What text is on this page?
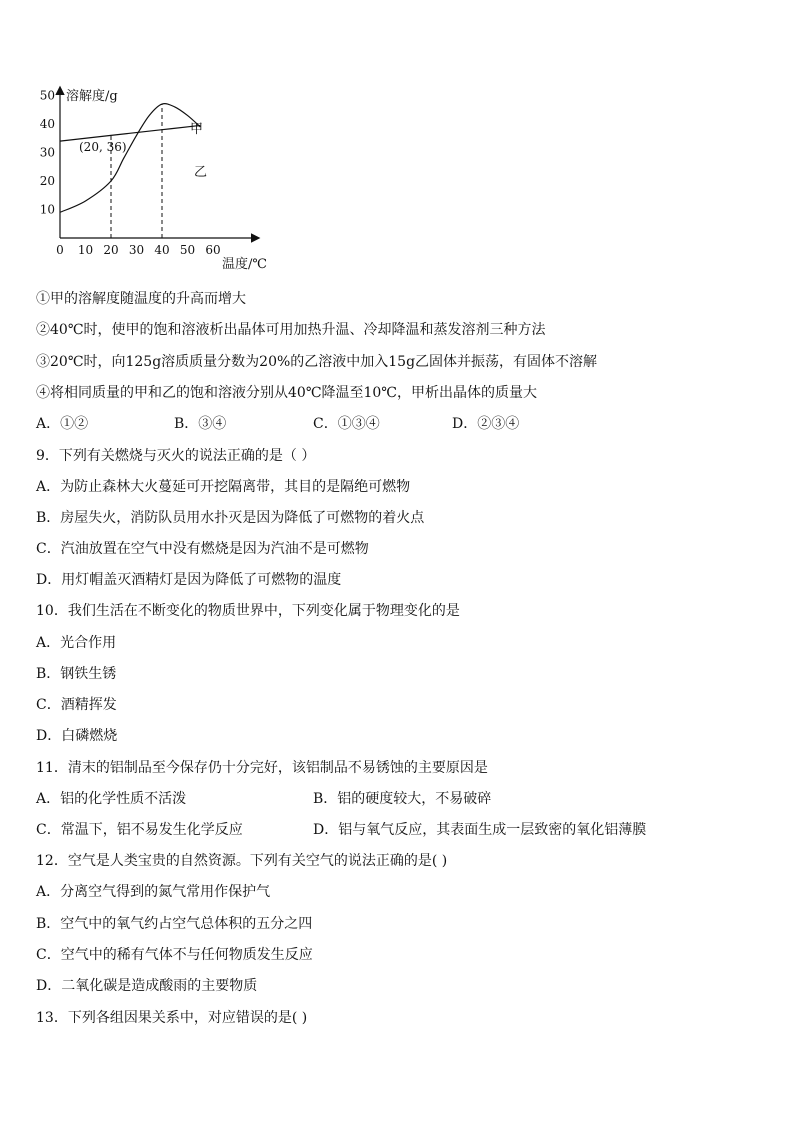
溶解度/g
温度/℃
0 10 20 30 40 50 60
10
20
30
40
50
(20, 36)
甲
乙
①甲的溶解度随温度的升高而增大
②40℃时，使甲的饱和溶液析出晶体可用加热升温、冷却降温和蒸发溶剂三种方法
③20℃时，向125g溶质质量分数为20%的乙溶液中加入15g乙固体并振荡，有固体不溶解
④将相同质量的甲和乙的饱和溶液分别从40℃降温至10℃，甲析出晶体的质量大
A．①②	B．③④	C．①③④	D．②③④
9．下列有关燃烧与灭火的说法正确的是（ ）
A．为防止森林大火蔓延可开挖隔离带，其目的是隔绝可燃物
B．房屋失火，消防队员用水扑灭是因为降低了可燃物的着火点
C．汽油放置在空气中没有燃烧是因为汽油不是可燃物
D．用灯帽盖灭酒精灯是因为降低了可燃物的温度
10．我们生活在不断变化的物质世界中，下列变化属于物理变化的是
A．光合作用
B．钢铁生锈
C．酒精挥发
D．白磷燃烧
11．清末的铝制品至今保存仍十分完好，该铝制品不易锈蚀的主要原因是
A．铝的化学性质不活泼	B．铝的硬度较大，不易破碎
C．常温下，铝不易发生化学反应	D．铝与氧气反应，其表面生成一层致密的氧化铝薄膜
12．空气是人类宝贵的自然资源。下列有关空气的说法正确的是( )
A．分离空气得到的氮气常用作保护气
B．空气中的氧气约占空气总体积的五分之四
C．空气中的稀有气体不与任何物质发生反应
D．二氧化碳是造成酸雨的主要物质
13．下列各组因果关系中，对应错误的是( )
